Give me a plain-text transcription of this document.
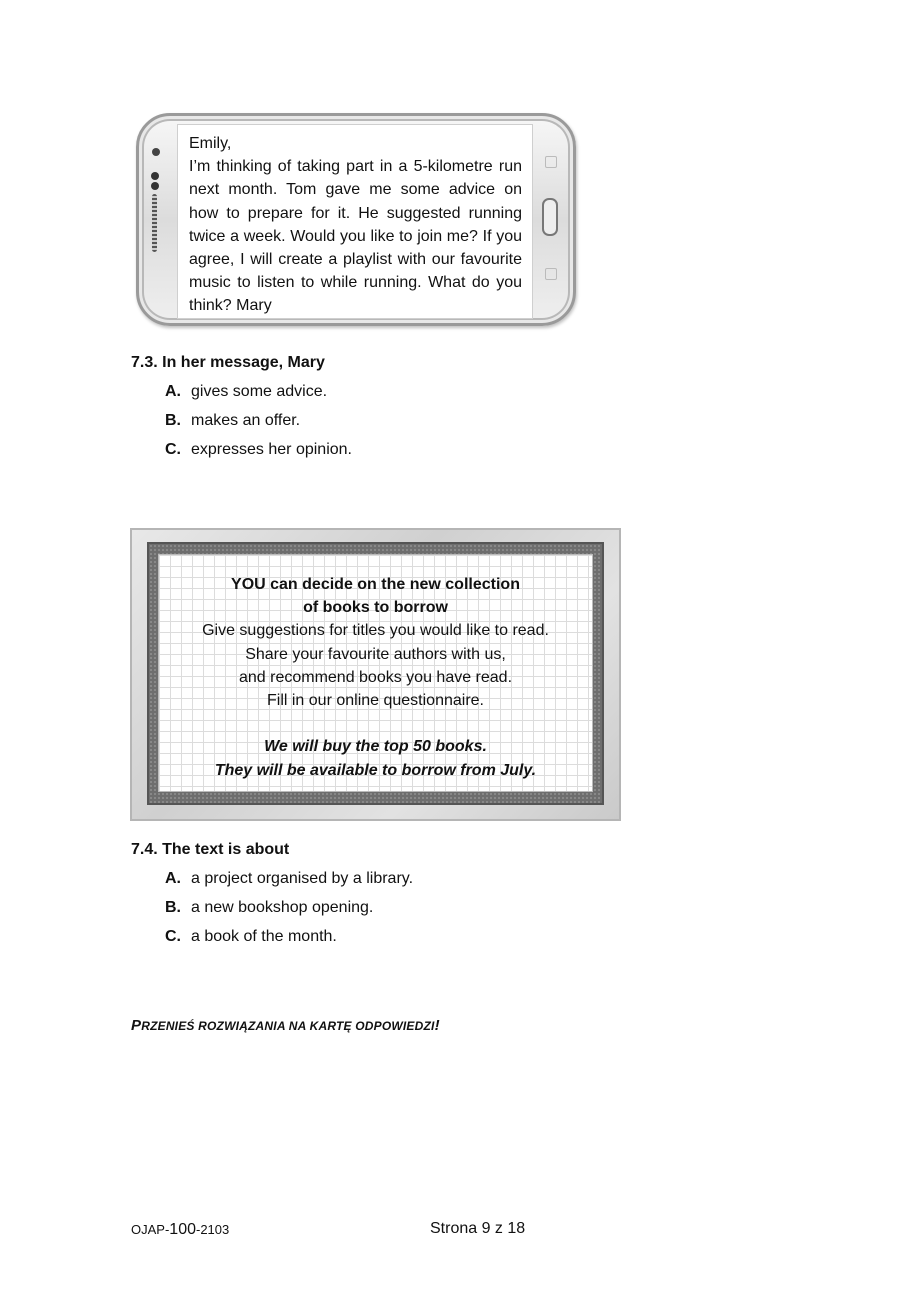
Emily,
I’m thinking of taking part in a 5-kilometre run next month. Tom gave me some advice on how to prepare for it. He suggested running twice a week. Would you like to join me? If you agree, I will create a playlist with our favourite music to listen to while running. What do you think? Mary
7.3. In her message, Mary
A. gives some advice.
B. makes an offer.
C. expresses her opinion.
YOU can decide on the new collection
of books to borrow
Give suggestions for titles you would like to read.
Share your favourite authors with us,
and recommend books you have read.
Fill in our online questionnaire.
We will buy the top 50 books.
They will be available to borrow from July.
7.4. The text is about
A. a project organised by a library.
B. a new bookshop opening.
C. a book of the month.
PRZENIEŚ ROZWIĄZANIA NA KARTĘ ODPOWIEDZI!
OJAP-100-2103	Strona 9 z 18
